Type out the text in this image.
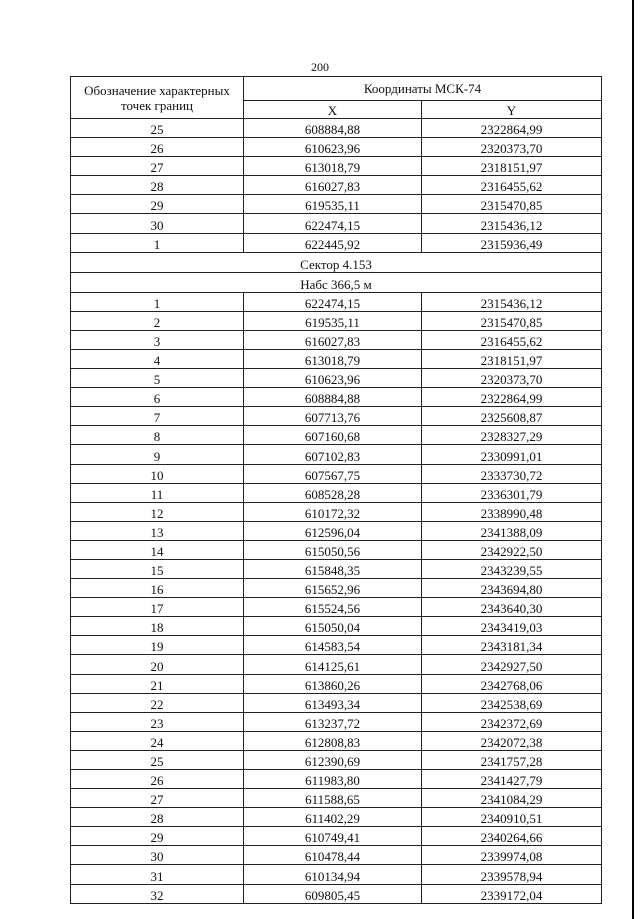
200
Обозначение характерных точек границ	Координаты МСК-74	
	X	Y
25	608884,88	2322864,99
26	610623,96	2320373,70
27	613018,79	2318151,97
28	616027,83	2316455,62
29	619535,11	2315470,85
30	622474,15	2315436,12
1	622445,92	2315936,49
Сектор 4.153		
Набс 366,5 м		
1	622474,15	2315436,12
2	619535,11	2315470,85
3	616027,83	2316455,62
4	613018,79	2318151,97
5	610623,96	2320373,70
6	608884,88	2322864,99
7	607713,76	2325608,87
8	607160,68	2328327,29
9	607102,83	2330991,01
10	607567,75	2333730,72
11	608528,28	2336301,79
12	610172,32	2338990,48
13	612596,04	2341388,09
14	615050,56	2342922,50
15	615848,35	2343239,55
16	615652,96	2343694,80
17	615524,56	2343640,30
18	615050,04	2343419,03
19	614583,54	2343181,34
20	614125,61	2342927,50
21	613860,26	2342768,06
22	613493,34	2342538,69
23	613237,72	2342372,69
24	612808,83	2342072,38
25	612390,69	2341757,28
26	611983,80	2341427,79
27	611588,65	2341084,29
28	611402,29	2340910,51
29	610749,41	2340264,66
30	610478,44	2339974,08
31	610134,94	2339578,94
32	609805,45	2339172,04
